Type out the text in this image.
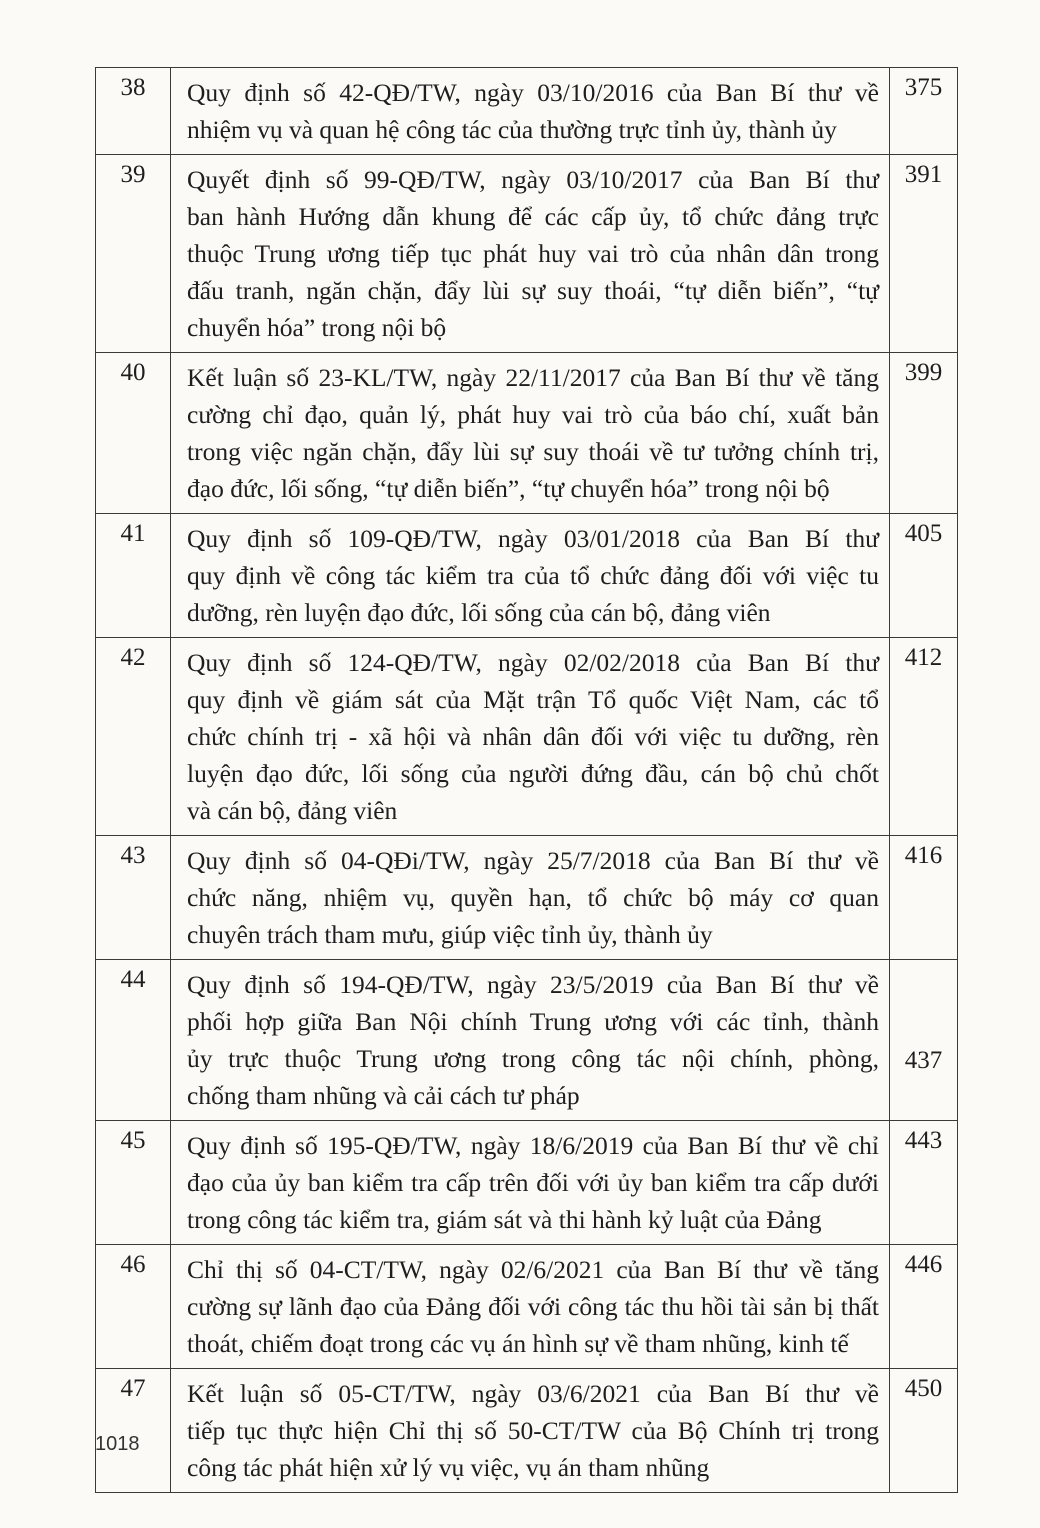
38	Quy định số 42-QĐ/TW, ngày 03/10/2016 của Ban Bí thư về
nhiệm vụ và quan hệ công tác của thường trực tỉnh ủy, thành ủy	375

39	Quyết định số 99-QĐ/TW, ngày 03/10/2017 của Ban Bí thư
ban hành Hướng dẫn khung để các cấp ủy, tổ chức đảng trực
thuộc Trung ương tiếp tục phát huy vai trò của nhân dân trong
đấu tranh, ngăn chặn, đẩy lùi sự suy thoái, “tự diễn biến”, “tự
chuyển hóa” trong nội bộ	391

40	Kết luận số 23-KL/TW, ngày 22/11/2017 của Ban Bí thư về tăng
cường chỉ đạo, quản lý, phát huy vai trò của báo chí, xuất bản
trong việc ngăn chặn, đẩy lùi sự suy thoái về tư tưởng chính trị,
đạo đức, lối sống, “tự diễn biến”, “tự chuyển hóa” trong nội bộ	399

41	Quy định số 109-QĐ/TW, ngày 03/01/2018 của Ban Bí thư
quy định về công tác kiểm tra của tổ chức đảng đối với việc tu
dưỡng, rèn luyện đạo đức, lối sống của cán bộ, đảng viên	405

42	Quy định số 124-QĐ/TW, ngày 02/02/2018 của Ban Bí thư
quy định về giám sát của Mặt trận Tổ quốc Việt Nam, các tổ
chức chính trị - xã hội và nhân dân đối với việc tu dưỡng, rèn
luyện đạo đức, lối sống của người đứng đầu, cán bộ chủ chốt
và cán bộ, đảng viên	412

43	Quy định số 04-QĐi/TW, ngày 25/7/2018 của Ban Bí thư về
chức năng, nhiệm vụ, quyền hạn, tổ chức bộ máy cơ quan
chuyên trách tham mưu, giúp việc tỉnh ủy, thành ủy	416

44	Quy định số 194-QĐ/TW, ngày 23/5/2019 của Ban Bí thư về
phối hợp giữa Ban Nội chính Trung ương với các tỉnh, thành
ủy trực thuộc Trung ương trong công tác nội chính, phòng,
chống tham nhũng và cải cách tư pháp	437

45	Quy định số 195-QĐ/TW, ngày 18/6/2019 của Ban Bí thư về chỉ
đạo của ủy ban kiểm tra cấp trên đối với ủy ban kiểm tra cấp dưới
trong công tác kiểm tra, giám sát và thi hành kỷ luật của Đảng	443

46	Chỉ thị số 04-CT/TW, ngày 02/6/2021 của Ban Bí thư về tăng
cường sự lãnh đạo của Đảng đối với công tác thu hồi tài sản bị thất
thoát, chiếm đoạt trong các vụ án hình sự về tham nhũng, kinh tế	446

47	Kết luận số 05-CT/TW, ngày 03/6/2021 của Ban Bí thư về
tiếp tục thực hiện Chỉ thị số 50-CT/TW của Bộ Chính trị trong
công tác phát hiện xử lý vụ việc, vụ án tham nhũng	450
1018
